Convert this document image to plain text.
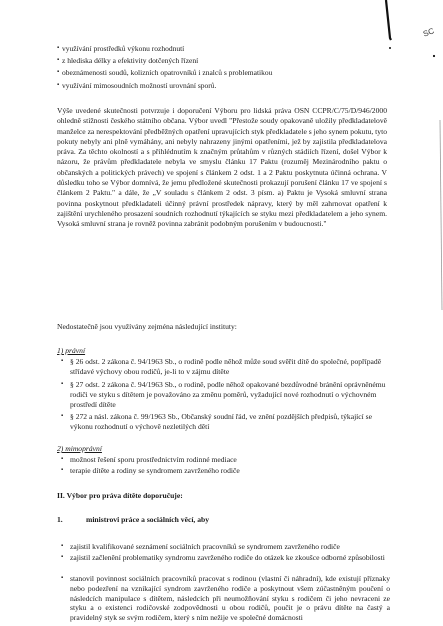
SC
▪ využívání prostředků výkonu rozhodnutí
▪ z hlediska délky a efektivity dotčených řízení
▪ obeznámenosti soudů, kolizních opatrovníků i znalců s problematikou
▪ využívání mimosoudních možností urovnání sporů.
Výše uvedené skutečnosti potvrzuje i doporučení Výboru pro lidská práva OSN CCPR/C/75/D/946/2000 ohledně stížnosti českého státního občana. Výbor uvedl "Přestože soudy opakovaně uložily předkladatelově manželce za nerespektování předběžných opatření upravujících styk předkladatele s jeho synem pokutu, tyto pokuty nebyly ani plně vymáhány, ani nebyly nahrazeny jinými opatřeními, jež by zajistila předkladatelova práva. Za těchto okolností a s přihlédnutím k značným průtahům v různých stádiích řízení, došel Výbor k názoru, že právům předkladatele nebyla ve smyslu článku 17 Paktu (rozuměj Mezinárodního paktu o občanských a politických právech) ve spojení s článkem 2 odst. 1 a 2 Paktu poskytnuta účinná ochrana. V důsledku toho se Výbor domnívá, že jemu předložené skutečnosti prokazují porušení článku 17 ve spojení s článkem 2 Paktu." a dále, že „V souladu s článkem 2 odst. 3 písm. a) Paktu je Vysoká smluvní strana povinna poskytnout předkladateli účinný právní prostředek nápravy, který by měl zahrnovat opatření k zajištění urychleného prosazení soudních rozhodnutí týkajících se styku mezi předkladatelem a jeho synem. Vysoká smluvní strana je rovněž povinna zabránit podobným porušením v budoucnosti."
Nedostatečně jsou využívány zejména následující instituty:
1) právní
▪ § 26 odst. 2 zákona č. 94/1963 Sb., o rodině podle něhož může soud svěřit dítě do společné, popřípadě střídavé výchovy obou rodičů, je-li to v zájmu dítěte
▪ § 27 odst. 2 zákona č. 94/1963 Sb., o rodině, podle něhož opakované bezdůvodné bránění oprávněnému rodiči ve styku s dítětem je považováno za změnu poměrů, vyžadující nové rozhodnutí o výchovném prostředí dítěte
▪ § 272 a násl. zákona č. 99/1963 Sb., Občanský soudní řád, ve znění pozdějších předpisů, týkající se výkonu rozhodnutí o výchově nezletilých dětí
2) mimoprávní
▪ možnost řešení sporu prostřednictvím rodinné mediace
▪ terapie dítěte a rodiny se syndromem zavrženého rodiče
II. Výbor pro práva dítěte doporučuje:
1.	ministrovi práce a sociálních věcí, aby
▪ zajistil kvalifikované seznámení sociálních pracovníků se syndromem zavrženého rodiče
▪ zajistil začlenění problematiky syndromu zavrženého rodiče do otázek ke zkoušce odborné způsobilosti
▪ stanovil povinnost sociálních pracovníků pracovat s rodinou (vlastní či náhradní), kde existují příznaky nebo podezření na vznikající syndrom zavrženého rodiče a poskytnout všem zúčastněným poučení o následcích manipulace s dítětem, následcích při neumožňování styku s rodičem či jeho nevraceni ze styku a o existenci rodičovské zodpovědnosti u obou rodičů, poučit je o právu dítěte na častý a pravidelný styk se svým rodičem, který s ním nežije ve společné domácnosti
